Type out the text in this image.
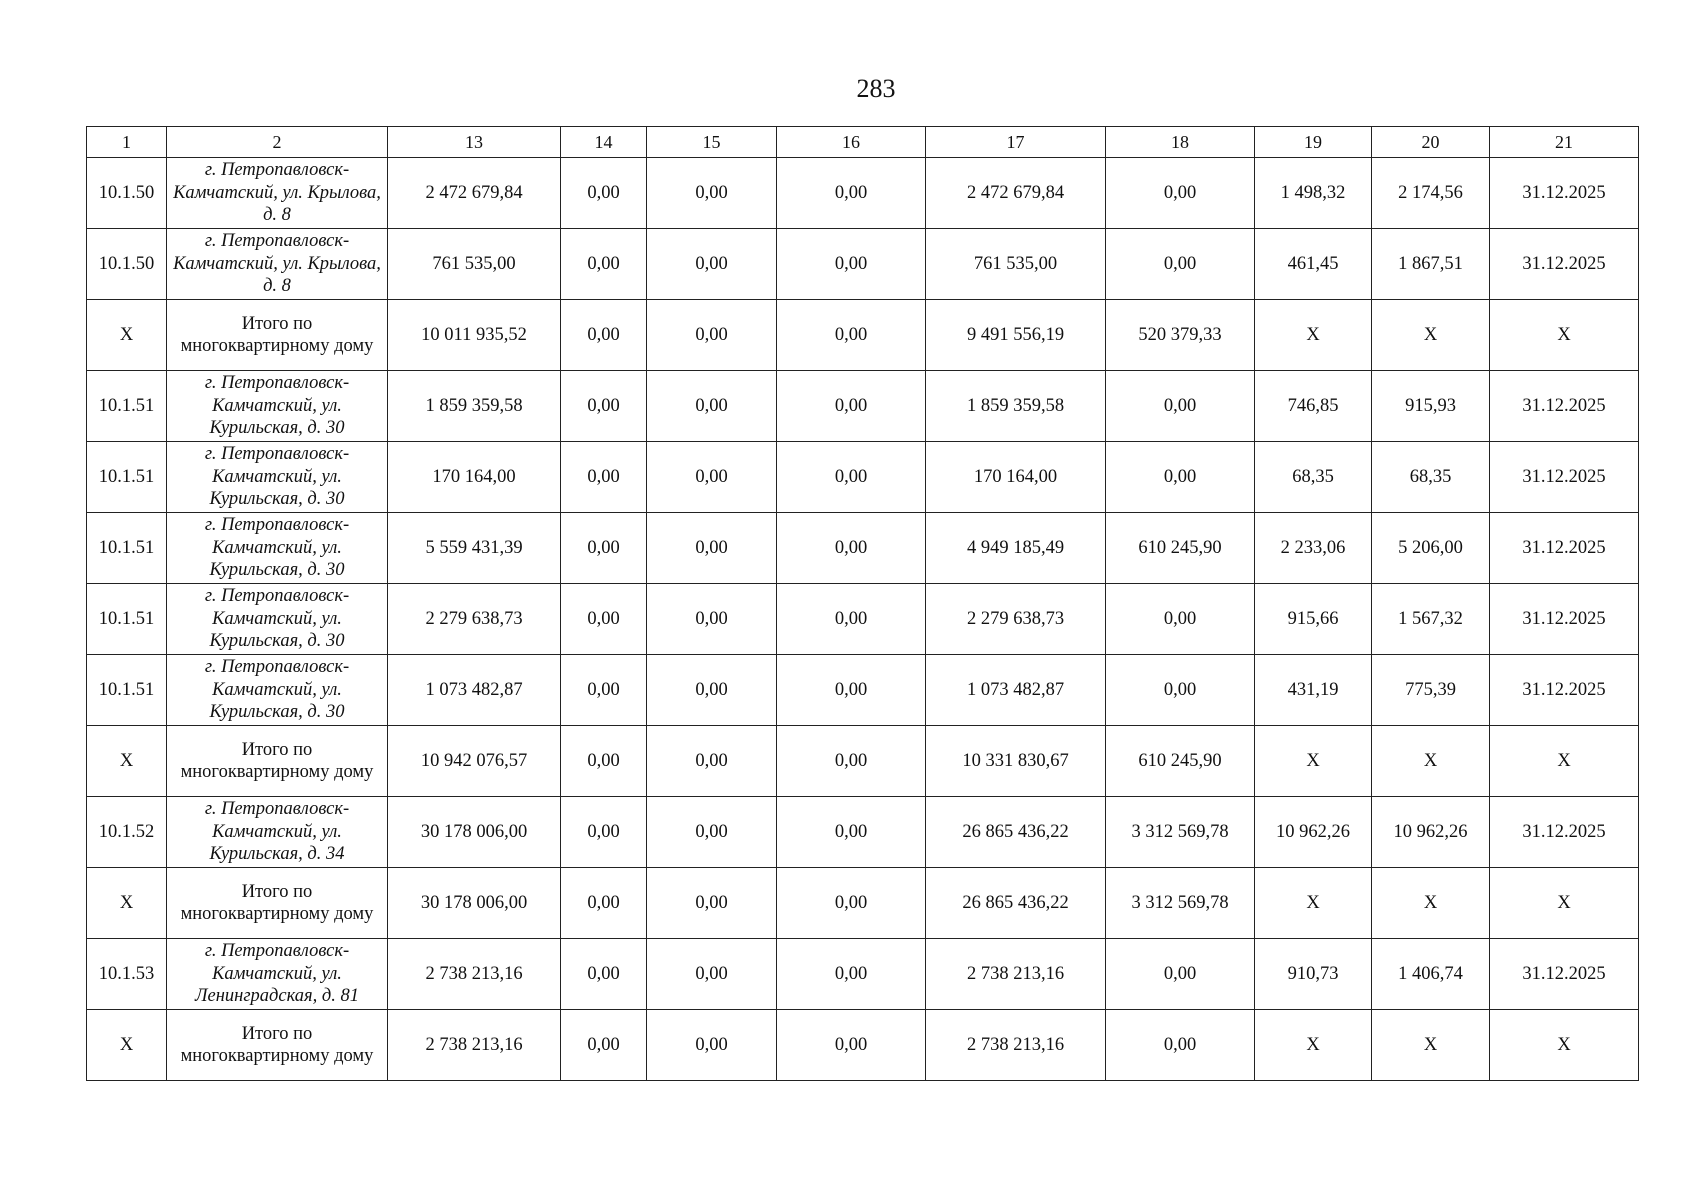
283
1	2	13	14	15	16	17	18	19	20	21
10.1.50	г. Петропавловск-Камчатский, ул. Крылова, д. 8	2 472 679,84	0,00	0,00	0,00	2 472 679,84	0,00	1 498,32	2 174,56	31.12.2025
10.1.50	г. Петропавловск-Камчатский, ул. Крылова, д. 8	761 535,00	0,00	0,00	0,00	761 535,00	0,00	461,45	1 867,51	31.12.2025
Х	Итого по многоквартирному дому	10 011 935,52	0,00	0,00	0,00	9 491 556,19	520 379,33	Х	Х	Х
10.1.51	г. Петропавловск-Камчатский, ул. Курильская, д. 30	1 859 359,58	0,00	0,00	0,00	1 859 359,58	0,00	746,85	915,93	31.12.2025
10.1.51	г. Петропавловск-Камчатский, ул. Курильская, д. 30	170 164,00	0,00	0,00	0,00	170 164,00	0,00	68,35	68,35	31.12.2025
10.1.51	г. Петропавловск-Камчатский, ул. Курильская, д. 30	5 559 431,39	0,00	0,00	0,00	4 949 185,49	610 245,90	2 233,06	5 206,00	31.12.2025
10.1.51	г. Петропавловск-Камчатский, ул. Курильская, д. 30	2 279 638,73	0,00	0,00	0,00	2 279 638,73	0,00	915,66	1 567,32	31.12.2025
10.1.51	г. Петропавловск-Камчатский, ул. Курильская, д. 30	1 073 482,87	0,00	0,00	0,00	1 073 482,87	0,00	431,19	775,39	31.12.2025
Х	Итого по многоквартирному дому	10 942 076,57	0,00	0,00	0,00	10 331 830,67	610 245,90	Х	Х	Х
10.1.52	г. Петропавловск-Камчатский, ул. Курильская, д. 34	30 178 006,00	0,00	0,00	0,00	26 865 436,22	3 312 569,78	10 962,26	10 962,26	31.12.2025
Х	Итого по многоквартирному дому	30 178 006,00	0,00	0,00	0,00	26 865 436,22	3 312 569,78	Х	Х	Х
10.1.53	г. Петропавловск-Камчатский, ул. Ленинградская, д. 81	2 738 213,16	0,00	0,00	0,00	2 738 213,16	0,00	910,73	1 406,74	31.12.2025
Х	Итого по многоквартирному дому	2 738 213,16	0,00	0,00	0,00	2 738 213,16	0,00	Х	Х	Х
